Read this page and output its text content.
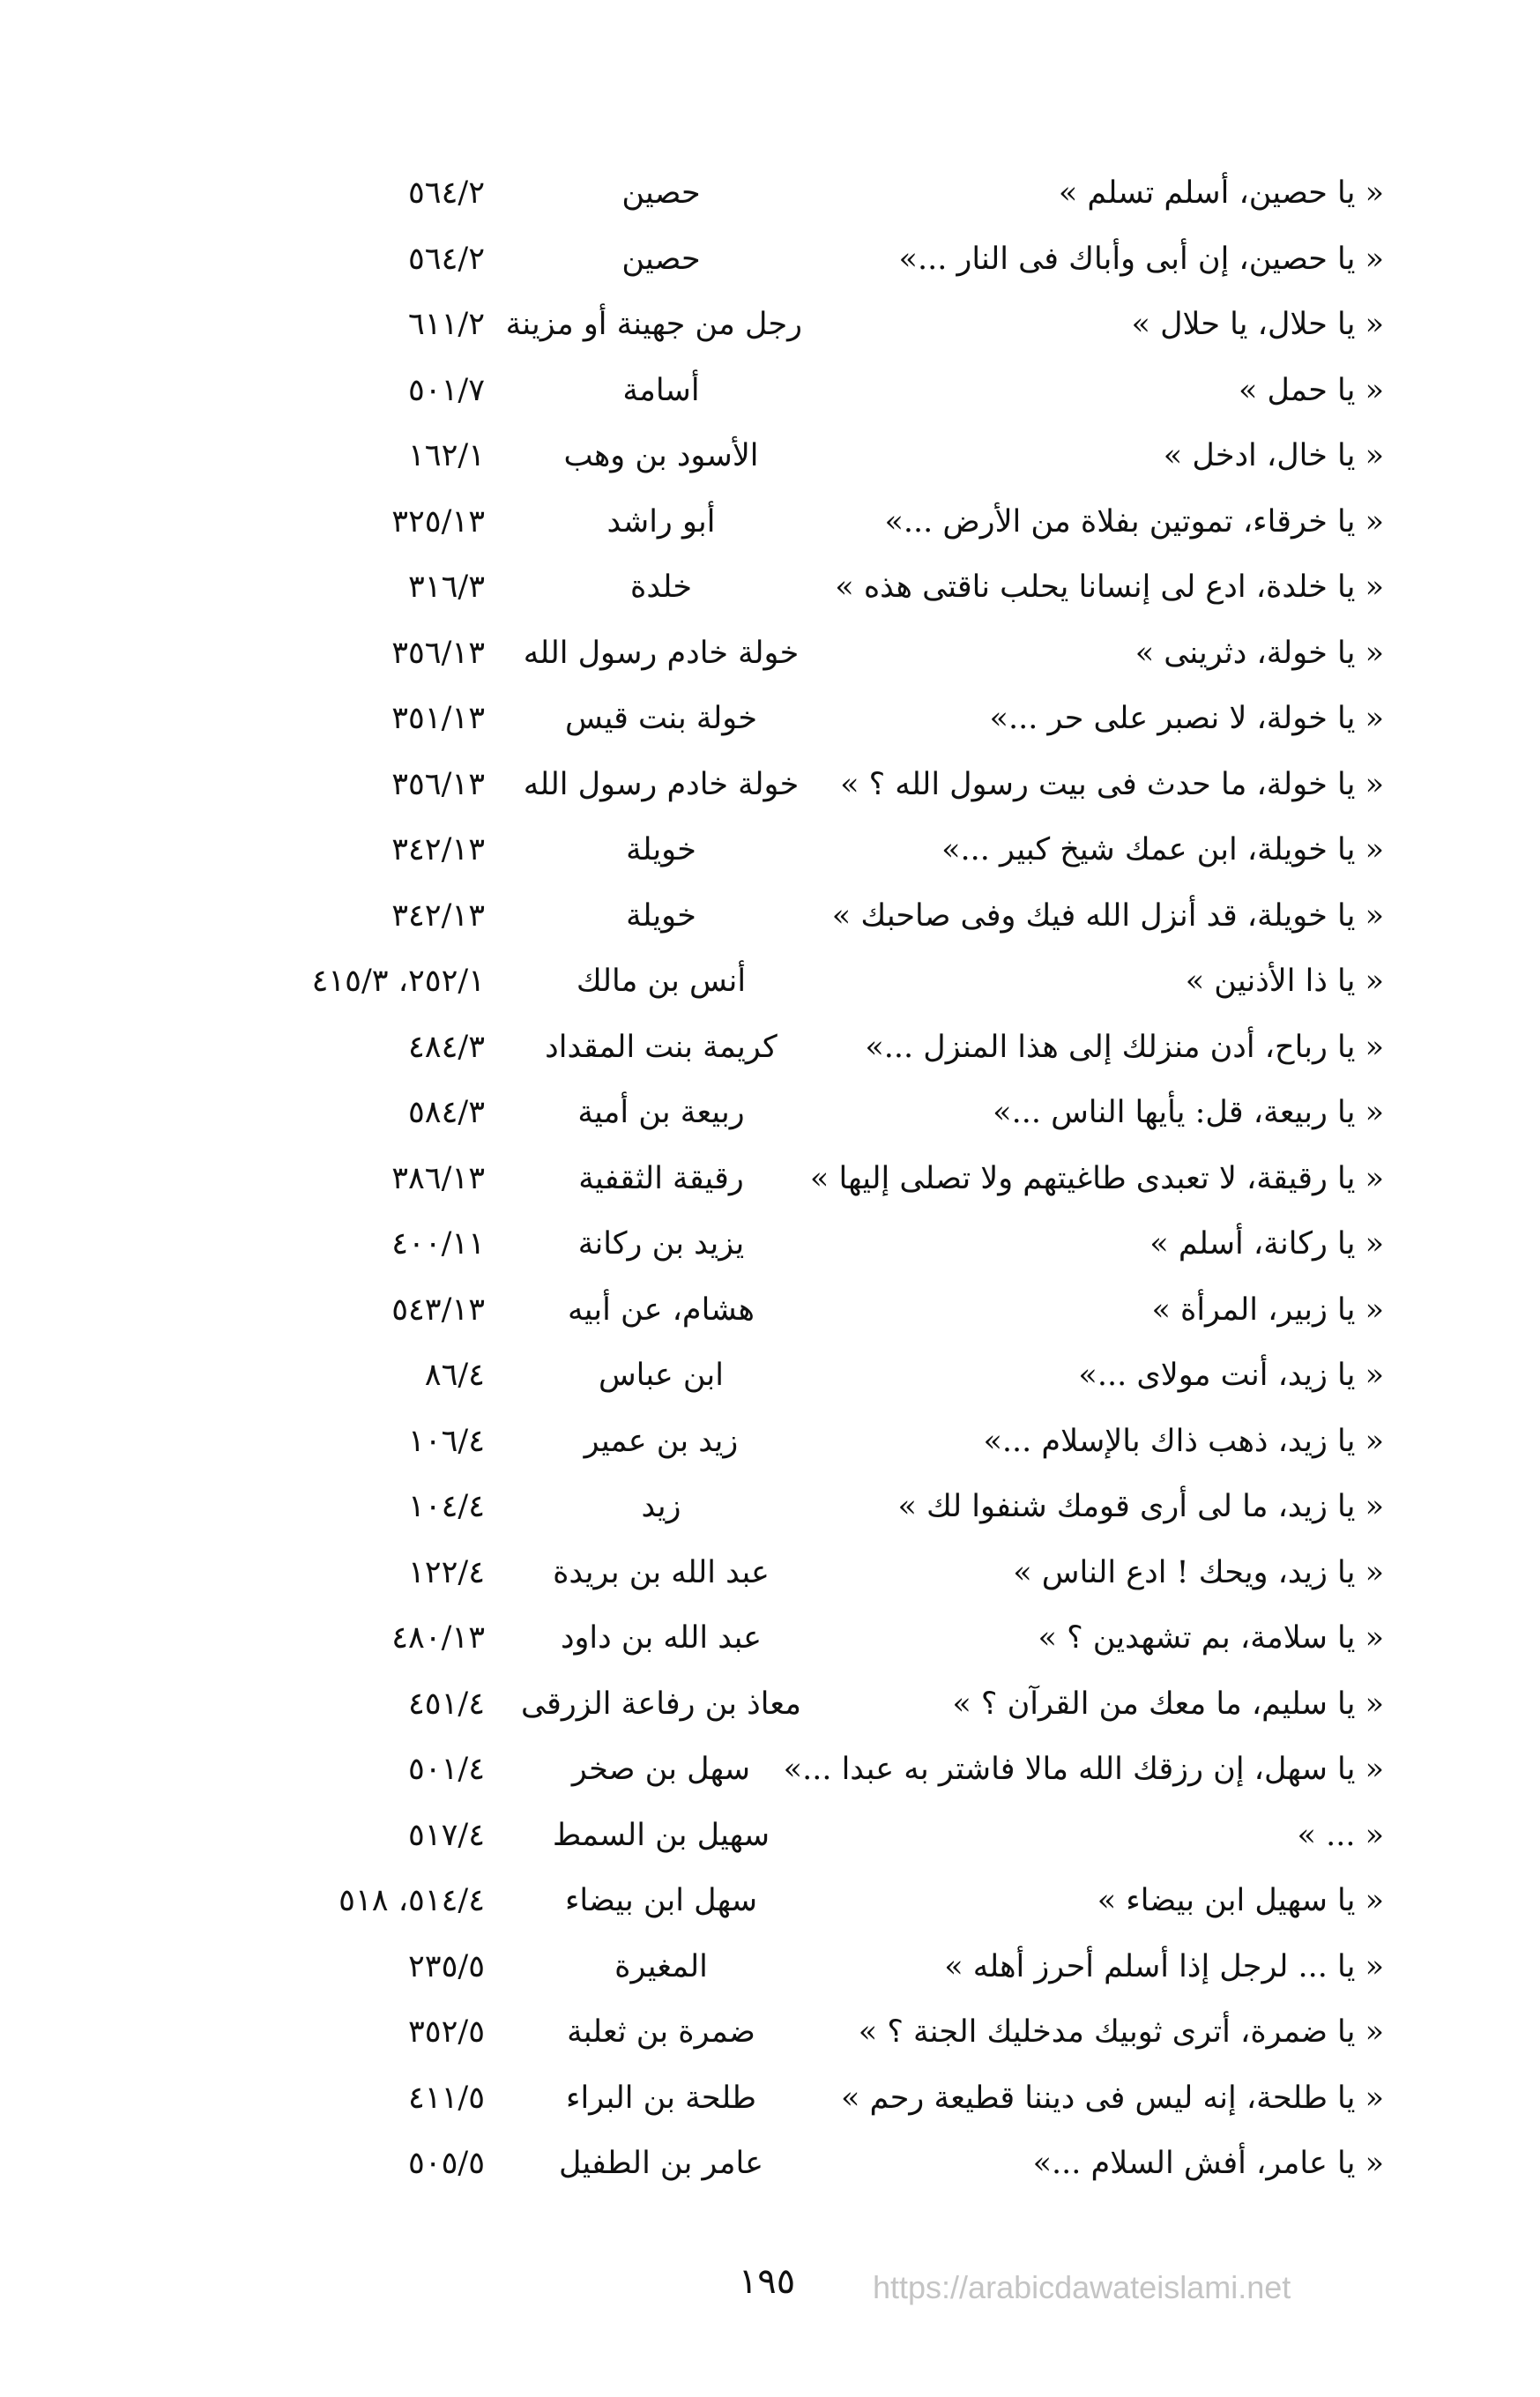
« يا حصين، أسلم تسلم »
حصين
٥٦٤/٢
« يا حصين، إن أبى وأباك فى النار ...»
حصين
٥٦٤/٢
« يا حلال، يا حلال »
رجل من جهينة أو مزينة
٦١١/٢
« يا حمل »
أسامة
٥٠١/٧
« يا خال، ادخل »
الأسود بن وهب
١٦٢/١
« يا خرقاء، تموتين بفلاة من الأرض ...»
أبو راشد
٣٢٥/١٣
« يا خلدة، ادع لى إنسانا يحلب ناقتى هذه »
خلدة
٣١٦/٣
« يا خولة، دثرينى »
خولة خادم رسول الله
٣٥٦/١٣
« يا خولة، لا نصبر على حر ...»
خولة بنت قيس
٣٥١/١٣
« يا خولة، ما حدث فى بيت رسول الله ؟ »
خولة خادم رسول الله
٣٥٦/١٣
« يا خويلة، ابن عمك شيخ كبير ...»
خويلة
٣٤٢/١٣
« يا خويلة، قد أنزل الله فيك وفى صاحبك »
خويلة
٣٤٢/١٣
« يا ذا الأذنين »
أنس بن مالك
٢٥٢/١، ٤١٥/٣
« يا رباح، أدن منزلك إلى هذا المنزل ...»
كريمة بنت المقداد
٤٨٤/٣
« يا ربيعة، قل: يأيها الناس ...»
ربيعة بن أمية
٥٨٤/٣
« يا رقيقة، لا تعبدى طاغيتهم ولا تصلى إليها »
رقيقة الثقفية
٣٨٦/١٣
« يا ركانة، أسلم »
يزيد بن ركانة
٤٠٠/١١
« يا زبير، المرأة »
هشام، عن أبيه
٥٤٣/١٣
« يا زيد، أنت مولاى ...»
ابن عباس
٨٦/٤
« يا زيد، ذهب ذاك بالإسلام ...»
زيد بن عمير
١٠٦/٤
« يا زيد، ما لى أرى قومك شنفوا لك »
زيد
١٠٤/٤
« يا زيد، ويحك ! ادع الناس »
عبد الله بن بريدة
١٢٢/٤
« يا سلامة، بم تشهدين ؟ »
عبد الله بن داود
٤٨٠/١٣
« يا سليم، ما معك من القرآن ؟ »
معاذ بن رفاعة الزرقى
٤٥١/٤
« يا سهل، إن رزقك الله مالا فاشتر به عبدا ...»
سهل بن صخر
٥٠١/٤
« ... »
سهيل بن السمط
٥١٧/٤
« يا سهيل ابن بيضاء »
سهل ابن بيضاء
٥١٤/٤، ٥١٨
« يا ... لرجل إذا أسلم أحرز أهله »
المغيرة
٢٣٥/٥
« يا ضمرة، أترى ثوبيك مدخليك الجنة ؟ »
ضمرة بن ثعلبة
٣٥٢/٥
« يا طلحة، إنه ليس فى ديننا قطيعة رحم »
طلحة بن البراء
٤١١/٥
« يا عامر، أفش السلام ...»
عامر بن الطفيل
٥٠٥/٥
١٩٥	https://arabicdawateislami.net
